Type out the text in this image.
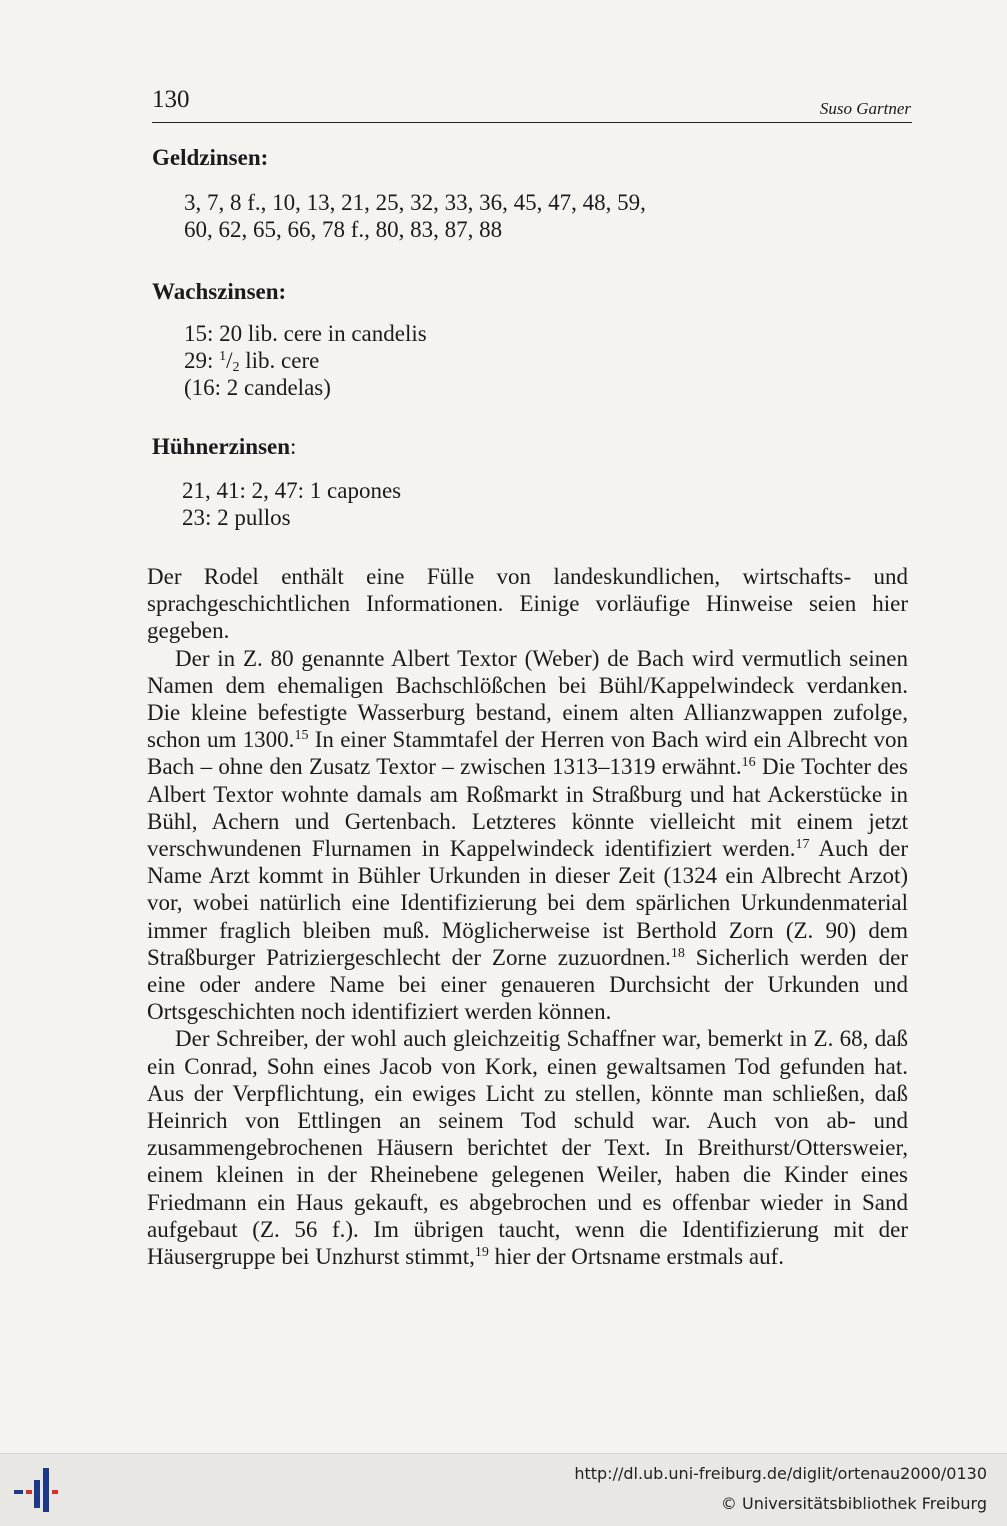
130	Suso Gartner
Geldzinsen:
3, 7, 8 f., 10, 13, 21, 25, 32, 33, 36, 45, 47, 48, 59,
60, 62, 65, 66, 78 f., 80, 83, 87, 88
Wachszinsen:
15: 20 lib. cere in candelis
29: $^1/_2$ lib. cere
(16: 2 candelas)
Hühnerzinsen:
21, 41: 2, 47: 1 capones
23: 2 pullos

Der Rodel enthält eine Fülle von landeskundlichen, wirtschafts- und sprachgeschichtlichen Informationen. Einige vorläufige Hinweise seien hier gegeben.

Der in Z. 80 genannte Albert Textor (Weber) de Bach wird vermutlich seinen Namen dem ehemaligen Bachschlößchen bei Bühl/Kappelwindeck verdanken. Die kleine befestigte Wasserburg bestand, einem alten Allianzwappen zufolge, schon um 1300.15 In einer Stammtafel der Herren von Bach wird ein Albrecht von Bach – ohne den Zusatz Textor – zwischen 1313–1319 erwähnt.$^{16}$ Die Tochter des Albert Textor wohnte damals am Roßmarkt in Straßburg und hat Ackerstücke in Bühl, Achern und Gertenbach. Letzteres könnte vielleicht mit einem jetzt verschwundenen Flurnamen in Kappelwindeck identifiziert werden.$^{17}$ Auch der Name Arzt kommt in Bühler Urkunden in dieser Zeit (1324 ein Albrecht Arzot) vor, wobei natürlich eine Identifizierung bei dem spärlichen Urkundenmaterial immer fraglich bleiben muß. Möglicherweise ist Berthold Zorn (Z. 90) dem Straßburger Patriziergeschlecht der Zorne zuzuordnen.$^{18}$ Sicherlich werden der eine oder andere Name bei einer genaueren Durchsicht der Urkunden und Ortsgeschichten noch identifiziert werden können.

Der Schreiber, der wohl auch gleichzeitig Schaffner war, bemerkt in Z. 68, daß ein Conrad, Sohn eines Jacob von Kork, einen gewaltsamen Tod gefunden hat. Aus der Verpflichtung, ein ewiges Licht zu stellen, könnte man schließen, daß Heinrich von Ettlingen an seinem Tod schuld war. Auch von ab- und zusammengebrochenen Häusern berichtet der Text. In Breithurst/Ottersweier, einem kleinen in der Rheinebene gelegenen Weiler, haben die Kinder eines Friedmann ein Haus gekauft, es abgebrochen und es offenbar wieder in Sand aufgebaut (Z. 56 f.). Im übrigen taucht, wenn die Identifizierung mit der Häusergruppe bei Unzhurst stimmt,$^{19}$ hier der Ortsname erstmals auf.

http://dl.ub.uni-freiburg.de/diglit/ortenau2000/0130
© Universitätsbibliothek Freiburg
